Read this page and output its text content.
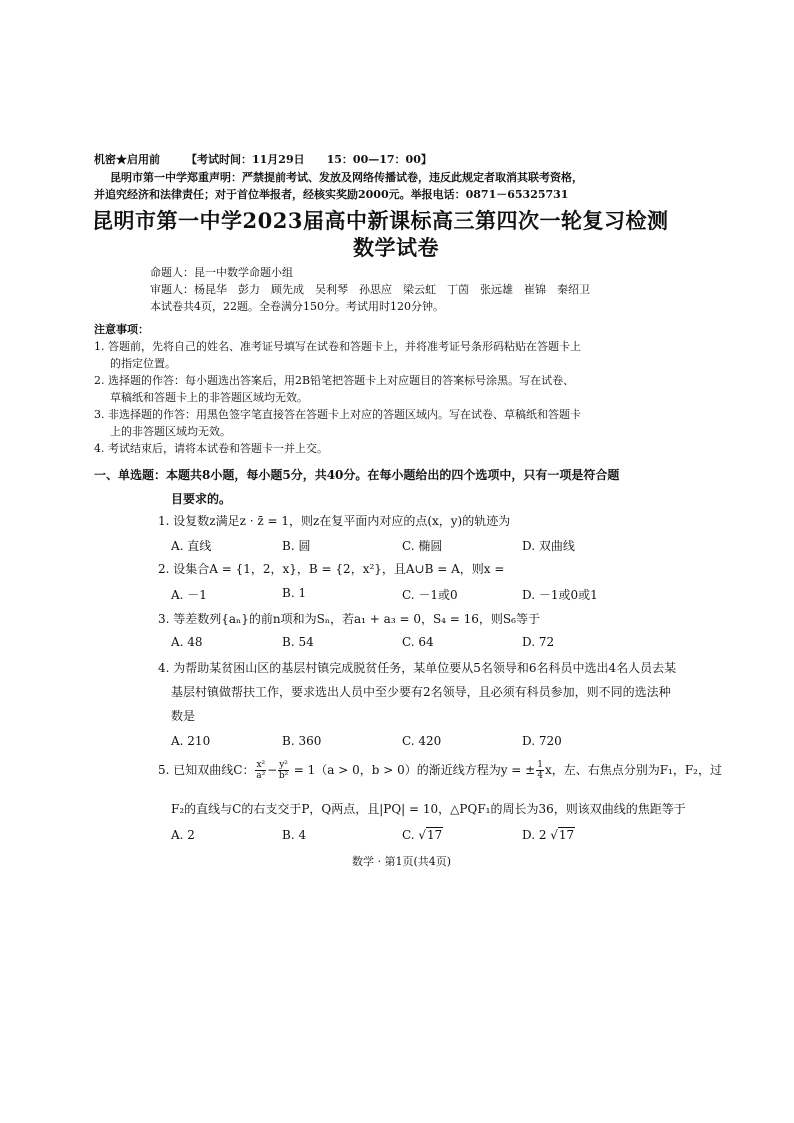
机密★启用前 【考试时间：11月29日　　15：00—17：00】
昆明市第一中学郑重声明：严禁提前考试、发放及网络传播试卷，违反此规定者取消其联考资格，
并追究经济和法律责任；对于首位举报者，经核实奖励2000元。举报电话：0871－65325731
昆明市第一中学2023届高中新课标高三第四次一轮复习检测
数学试卷
命题人：昆一中数学命题小组
审题人：杨昆华　彭力　顾先成　吴利琴　孙思应　梁云虹　丁茵　张远雄　崔锦　秦绍卫
本试卷共4页，22题。全卷满分150分。考试用时120分钟。
注意事项：
1. 答题前，先将自己的姓名、准考证号填写在试卷和答题卡上，并将准考证号条形码粘贴在答题卡上
的指定位置。
2. 选择题的作答：每小题选出答案后，用2B铅笔把答题卡上对应题目的答案标号涂黑。写在试卷、
草稿纸和答题卡上的非答题区域均无效。
3. 非选择题的作答：用黑色签字笔直接答在答题卡上对应的答题区域内。写在试卷、草稿纸和答题卡
上的非答题区域均无效。
4. 考试结束后，请将本试卷和答题卡一并上交。
一、单选题：本题共8小题，每小题5分，共40分。在每小题给出的四个选项中，只有一项是符合题
目要求的。
1. 设复数z满足z · z̄ = 1，则z在复平面内对应的点(x，y)的轨迹为
A. 直线	B. 圆	C. 椭圆	D. 双曲线
2. 设集合A = {1，2，x}，B = {2，x²}，且A∪B = A，则x =
A. －1	B. 1	C. －1或0	D. －1或0或1
3. 等差数列{aₙ}的前n项和为Sₙ，若a₁ + a₃ = 0，S₄ = 16，则S₆等于
A. 48	B. 54	C. 64	D. 72
4. 为帮助某贫困山区的基层村镇完成脱贫任务，某单位要从5名领导和6名科员中选出4名人员去某
基层村镇做帮扶工作，要求选出人员中至少要有2名领导，且必须有科员参加，则不同的选法种
数是
A. 210	B. 360	C. 420	D. 720
5. 已知双曲线C： $\frac{\text{x²}}{\text{a²}} - \frac{\text{y²}}{\text{b²}} = 1(a > 0$，b > 0）的渐近线方程为y = ± $\frac{1}{4}$ x，左、右焦点分别为F₁，F₂，过
F₂的直线与C的右支交于P，Q两点，且|PQ| = 10，△PQF₁的周长为36，则该双曲线的焦距等于
A. 2	B. 4	C. √17	D. 2 √17
数学 · 第1页(共4页)
